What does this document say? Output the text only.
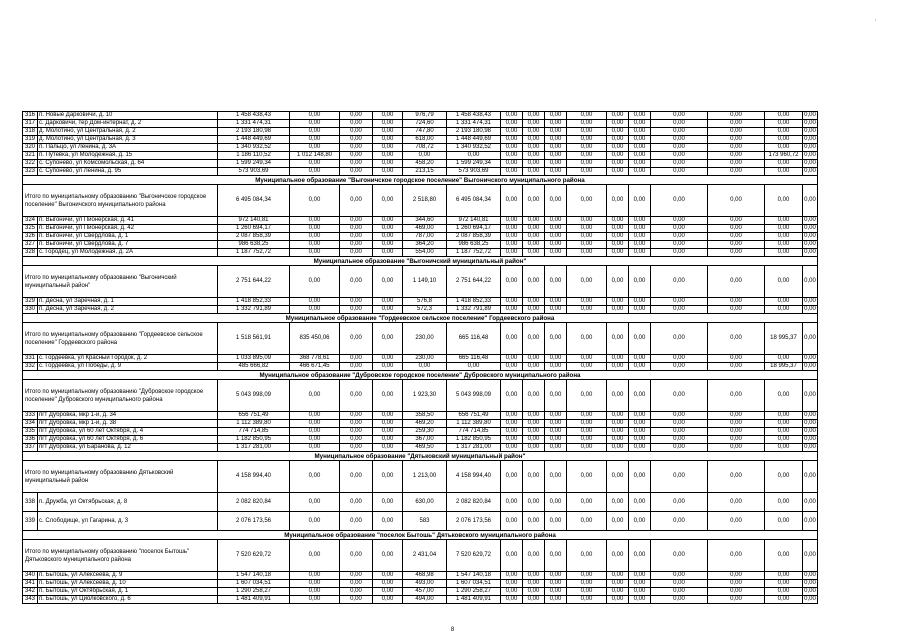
'
316	п. Новые Дарковичи, д. 10	1 458 438,43	0,00	0,00	0,00	976,79	1 458 438,43	0,00	0,00	0,00	0,00	0,00	0,00	0,00	0,00	0,00	0,00
317	с. Дарковичи, тер Дом-интернат, д. 2	1 331 474,31	0,00	0,00	0,00	724,60	1 331 474,31	0,00	0,00	0,00	0,00	0,00	0,00	0,00	0,00	0,00	0,00
318	д. Молотино, ул Центральная, д. 2	2 193 180,98	0,00	0,00	0,00	747,80	2 193 180,98	0,00	0,00	0,00	0,00	0,00	0,00	0,00	0,00	0,00	0,00
319	д. Молотино, ул Центральная, д. 3	1 448 449,69	0,00	0,00	0,00	618,00	1 448 449,69	0,00	0,00	0,00	0,00	0,00	0,00	0,00	0,00	0,00	0,00
320	п. Пальцо, ул Ленина, д. 3А	1 340 932,52	0,00	0,00	0,00	708,72	1 340 932,52	0,00	0,00	0,00	0,00	0,00	0,00	0,00	0,00	0,00	0,00
321	п. Путевка, ул Молодежная, д. 15	1 186 110,52	1 012 148,80	0,00	0,00	0,00	0,00	0,00	0,00	0,00	0,00	0,00	0,00	0,00	0,00	173 960,72	0,00
322	с. Супонево, ул Комсомольская, д. 64	1 599 249,34	0,00	0,00	0,00	458,20	1 599 249,34	0,00	0,00	0,00	0,00	0,00	0,00	0,00	0,00	0,00	0,00
323	с. Супонево, ул Ленина, д. 95	573 903,69	0,00	0,00	0,00	213,15	573 903,69	0,00	0,00	0,00	0,00	0,00	0,00	0,00	0,00	0,00	0,00
Муниципальное образование "Выгоничское городское поселение" Выгоничского муниципального района																	
Итого по муниципальному образованию "Выгоничское городское поселение" Выгоничского муниципального района		6 495 084,34	0,00	0,00	0,00	2 518,80	6 495 084,34	0,00	0,00	0,00	0,00	0,00	0,00	0,00	0,00	0,00	0,00
324	п. Выгоничи, ул Пионерская, д. 41	972 140,81	0,00	0,00	0,00	344,60	972 140,81	0,00	0,00	0,00	0,00	0,00	0,00	0,00	0,00	0,00	0,00
325	п. Выгоничи, ул Пионерская, д. 42	1 260 694,17	0,00	0,00	0,00	469,00	1 260 694,17	0,00	0,00	0,00	0,00	0,00	0,00	0,00	0,00	0,00	0,00
326	п. Выгоничи, ул Свердлова, д. 1	2 087 858,39	0,00	0,00	0,00	787,00	2 087 858,39	0,00	0,00	0,00	0,00	0,00	0,00	0,00	0,00	0,00	0,00
327	п. Выгоничи, ул Свердлова, д. 7	986 638,25	0,00	0,00	0,00	364,20	986 638,25	0,00	0,00	0,00	0,00	0,00	0,00	0,00	0,00	0,00	0,00
328	с. Городец, ул Молодежная, д. 2А	1 187 752,72	0,00	0,00	0,00	554,00	1 187 752,72	0,00	0,00	0,00	0,00	0,00	0,00	0,00	0,00	0,00	0,00
Муниципальное образование "Выгоничский муниципальный район"																	
Итого по муниципальному образованию "Выгоничский муниципальный район"		2 751 644,22	0,00	0,00	0,00	1 149,10	2 751 644,22	0,00	0,00	0,00	0,00	0,00	0,00	0,00	0,00	0,00	0,00
329	п. Десна, ул Заречная, д. 1	1 418 852,33	0,00	0,00	0,00	576,8	1 418 852,33	0,00	0,00	0,00	0,00	0,00	0,00	0,00	0,00	0,00	0,00
330	п. Десна, ул Заречная, д. 2	1 332 791,89	0,00	0,00	0,00	572,3	1 332 791,89	0,00	0,00	0,00	0,00	0,00	0,00	0,00	0,00	0,00	0,00
Муниципальное образование "Гордеевское сельское поселение" Гордеевского района																	
Итого по муниципальному образованию "Гордеевское сельское поселение" Гордеевского района		1 518 561,91	835 450,06	0,00	0,00	230,00	665 116,48	0,00	0,00	0,00	0,00	0,00	0,00	0,00	0,00	18 995,37	0,00
331	с. Гордеевка, ул Красный Городок, д. 2	1 033 895,09	368 778,61	0,00	0,00	230,00	665 116,48	0,00	0,00	0,00	0,00	0,00	0,00	0,00	0,00	0,00	0,00
332	с. Гордеевка, ул Победы, д. 9	485 666,82	466 671,45	0,00	0,00	0,00	0,00	0,00	0,00	0,00	0,00	0,00	0,00	0,00	0,00	18 995,37	0,00
Муниципальное образование "Дубровское городское поселение" Дубровского муниципального района																	
Итого по муниципальному образованию "Дубровское городское поселение" Дубровского муниципального района		5 043 998,09	0,00	0,00	0,00	1 923,30	5 043 998,09	0,00	0,00	0,00	0,00	0,00	0,00	0,00	0,00	0,00	0,00
333	пгт Дубровка, мкр 1-й, д. 34	656 751,49	0,00	0,00	0,00	358,50	656 751,49	0,00	0,00	0,00	0,00	0,00	0,00	0,00	0,00	0,00	0,00
334	пгт Дубровка, мкр 1-й, д. 38	1 112 389,80	0,00	0,00	0,00	469,20	1 112 389,80	0,00	0,00	0,00	0,00	0,00	0,00	0,00	0,00	0,00	0,00
335	пгт Дубровка, ул 60 лет Октября, д. 4	774 714,85	0,00	0,00	0,00	259,30	774 714,85	0,00	0,00	0,00	0,00	0,00	0,00	0,00	0,00	0,00	0,00
336	пгт Дубровка, ул 60 лет Октября, д. 6	1 182 850,95	0,00	0,00	0,00	367,00	1 182 850,95	0,00	0,00	0,00	0,00	0,00	0,00	0,00	0,00	0,00	0,00
337	пгт Дубровка, ул Баранова, д. 12	1 317 281,00	0,00	0,00	0,00	469,50	1 317 281,00	0,00	0,00	0,00	0,00	0,00	0,00	0,00	0,00	0,00	0,00
Муниципальное образование "Дятьковский муниципальный район"																	
Итого по муниципальному образованию Дятьковский муниципальный район		4 158 994,40	0,00	0,00	0,00	1 213,00	4 158 994,40	0,00	0,00	0,00	0,00	0,00	0,00	0,00	0,00	0,00	0,00
338	п. Дружба, ул Октябрьская, д. 8	2 082 820,84	0,00	0,00	0,00	630,00	2 082 820,84	0,00	0,00	0,00	0,00	0,00	0,00	0,00	0,00	0,00	0,00
339	с. Слободище, ул Гагарина, д. 3	2 076 173,56	0,00	0,00	0,00	583	2 076 173,56	0,00	0,00	0,00	0,00	0,00	0,00	0,00	0,00	0,00	0,00
Муниципальное образование "поселок Бытошь" Дятьковского муниципального района																	
Итого по муниципальному образованию "поселок Бытошь" Дятьковского муниципального района		7 520 629,72	0,00	0,00	0,00	2 431,04	7 520 629,72	0,00	0,00	0,00	0,00	0,00	0,00	0,00	0,00	0,00	0,00
340	п. Бытошь, ул Алексеева, д. 9	1 547 140,18	0,00	0,00	0,00	468,98	1 547 140,18	0,00	0,00	0,00	0,00	0,00	0,00	0,00	0,00	0,00	0,00
341	п. Бытошь, ул Алексеева, д. 10	1 607 034,51	0,00	0,00	0,00	493,00	1 607 034,51	0,00	0,00	0,00	0,00	0,00	0,00	0,00	0,00	0,00	0,00
342	п. Бытошь, ул Октябрьская, д. 1	1 290 258,27	0,00	0,00	0,00	457,00	1 290 258,27	0,00	0,00	0,00	0,00	0,00	0,00	0,00	0,00	0,00	0,00
343	п. Бытошь, ул Циолковского, д. 6	1 481 409,91	0,00	0,00	0,00	494,00	1 481 409,91	0,00	0,00	0,00	0,00	0,00	0,00	0,00	0,00	0,00	0,00
8
